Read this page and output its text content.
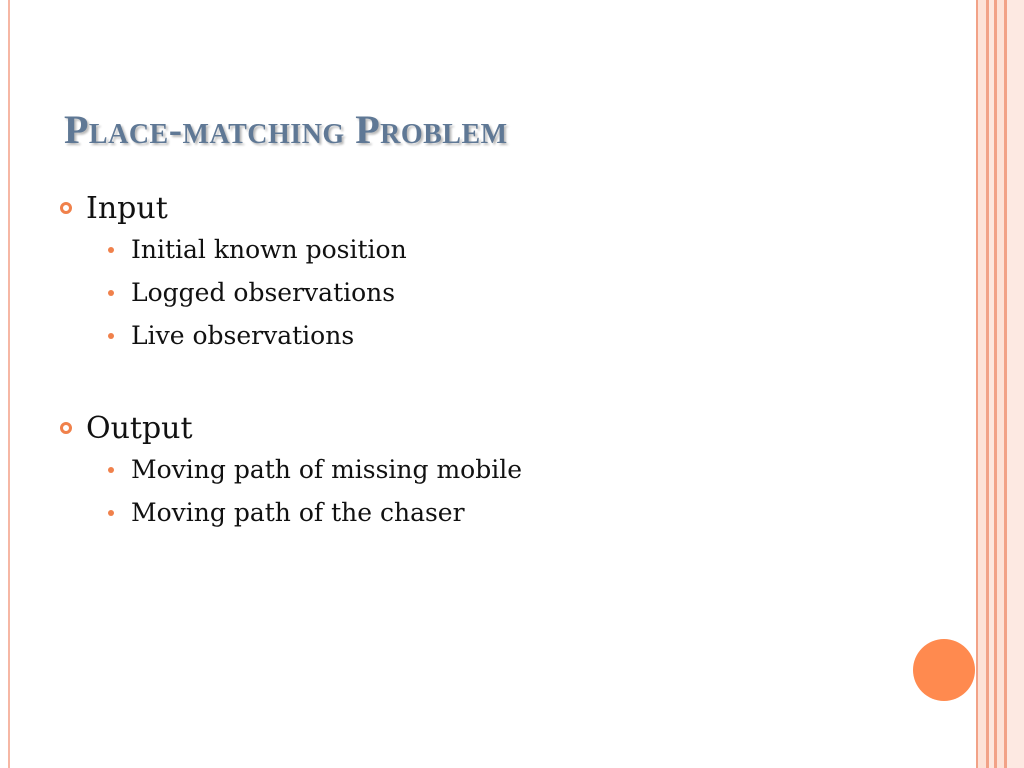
Place-matching Problem
Input
Initial known position
Logged observations
Live observations
Output
Moving path of missing mobile
Moving path of the chaser
